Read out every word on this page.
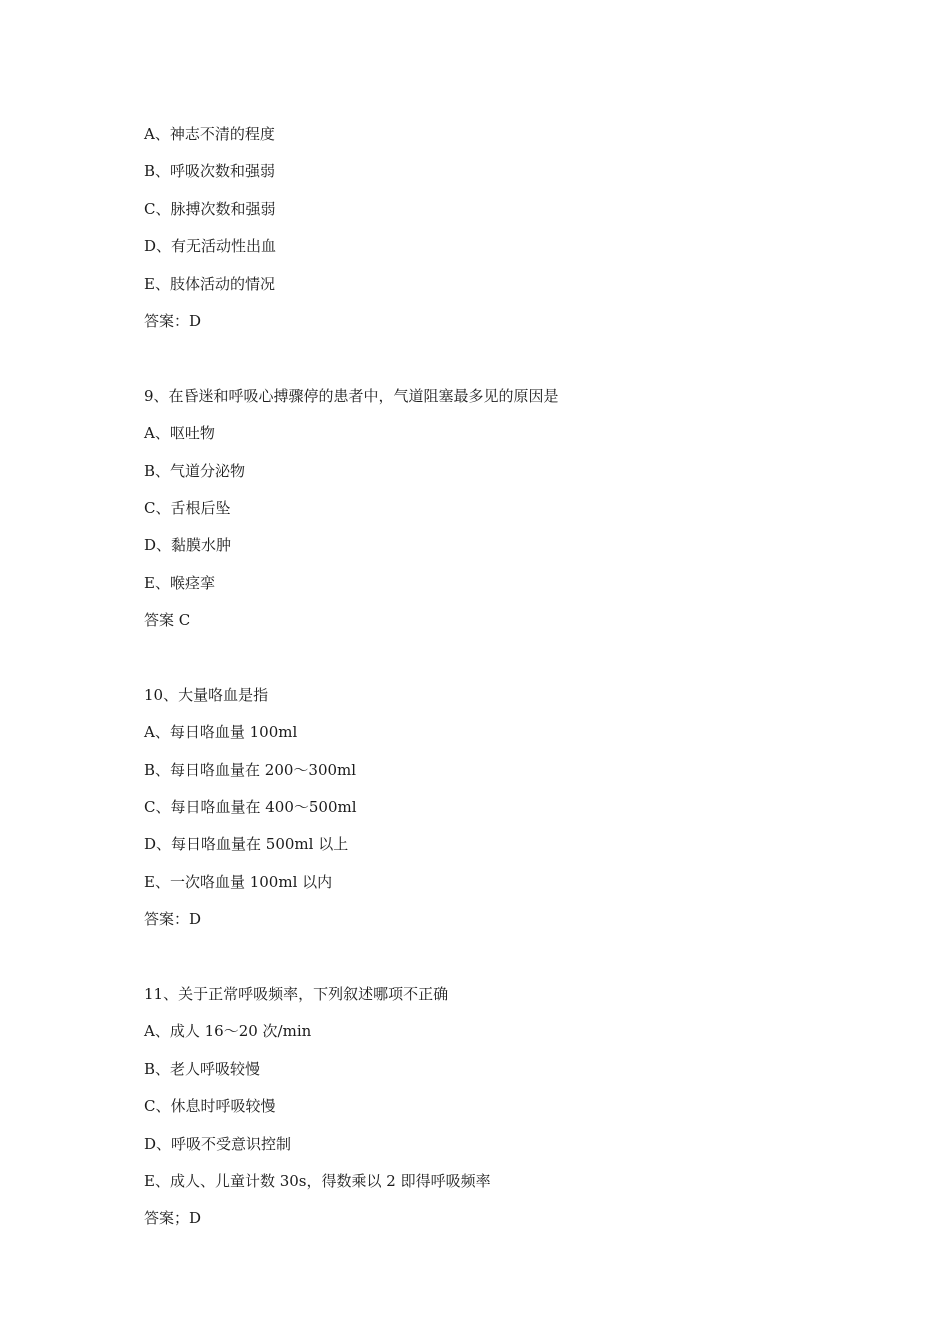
A、神志不清的程度
B、呼吸次数和强弱
C、脉搏次数和强弱
D、有无活动性出血
E、肢体活动的情况
答案：D
9、在昏迷和呼吸心搏骤停的患者中，气道阻塞最多见的原因是
A、呕吐物
B、气道分泌物
C、舌根后坠
D、黏膜水肿
E、喉痉挛
答案 C
10、大量咯血是指
A、每日咯血量 100ml
B、每日咯血量在 200～300ml
C、每日咯血量在 400～500ml
D、每日咯血量在 500ml 以上
E、一次咯血量 100ml 以内
答案：D
11、关于正常呼吸频率，下列叙述哪项不正确
A、成人 16～20 次/min
B、老人呼吸较慢
C、休息时呼吸较慢
D、呼吸不受意识控制
E、成人、儿童计数 30s，得数乘以 2 即得呼吸频率
答案；D
